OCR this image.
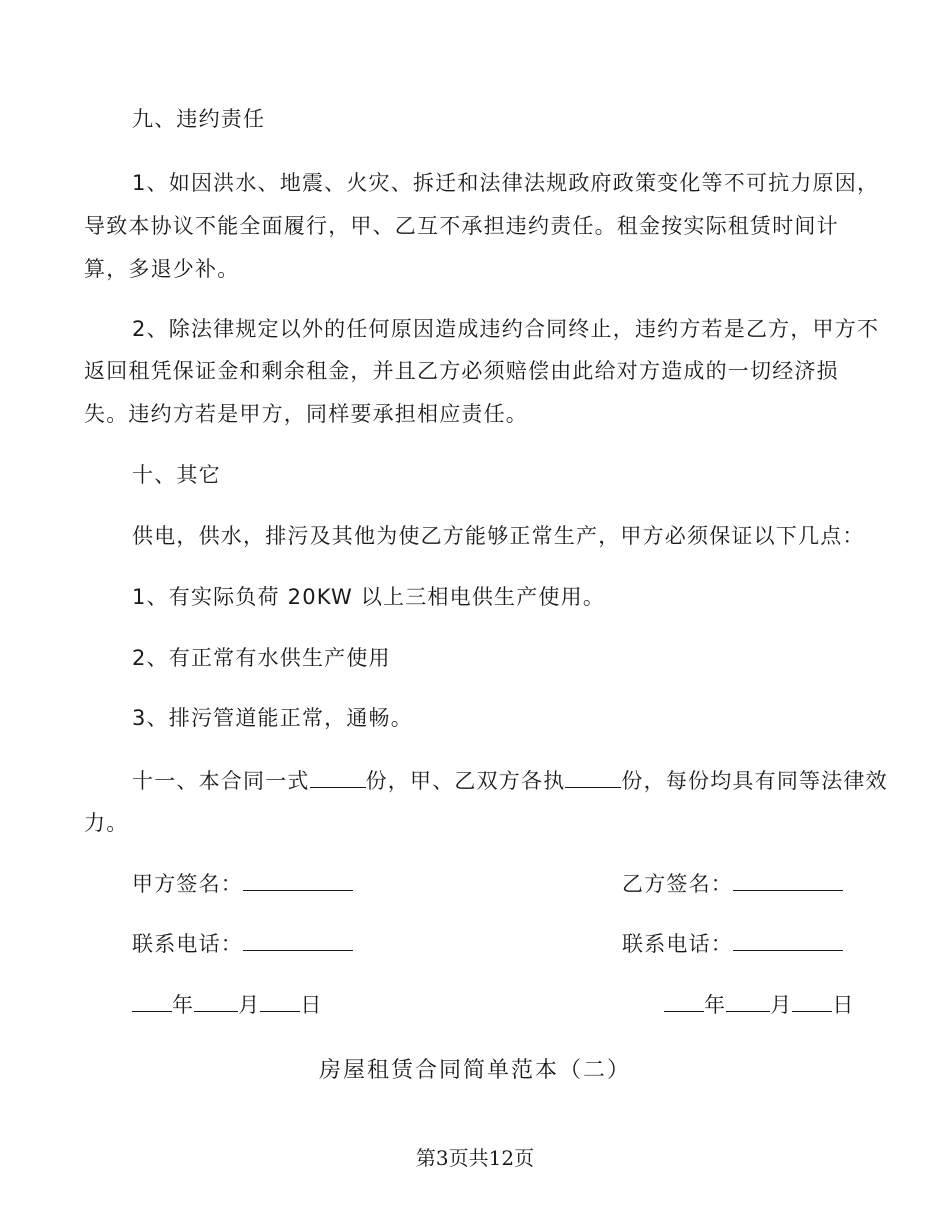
九、违约责任
1、如因洪水、地震、火灾、拆迁和法律法规政府政策变化等不可抗力原因，
导致本协议不能全面履行，甲、乙互不承担违约责任。租金按实际租赁时间计
算，多退少补。
2、除法律规定以外的任何原因造成违约合同终止，违约方若是乙方，甲方不
返回租凭保证金和剩余租金，并且乙方必须赔偿由此给对方造成的一切经济损
失。违约方若是甲方，同样要承担相应责任。
十、其它
供电，供水，排污及其他为使乙方能够正常生产，甲方必须保证以下几点：
1、有实际负荷 20KW 以上三相电供生产使用。
2、有正常有水供生产使用
3、排污管道能正常，通畅。
十一、本合同一式	份，甲、乙双方各执	份，每份均具有同等法律效
力。
甲方签名：	乙方签名：
联系电话：	联系电话：
年 月 日	年 月 日
房屋租赁合同简单范本（二）
第3页共12页
